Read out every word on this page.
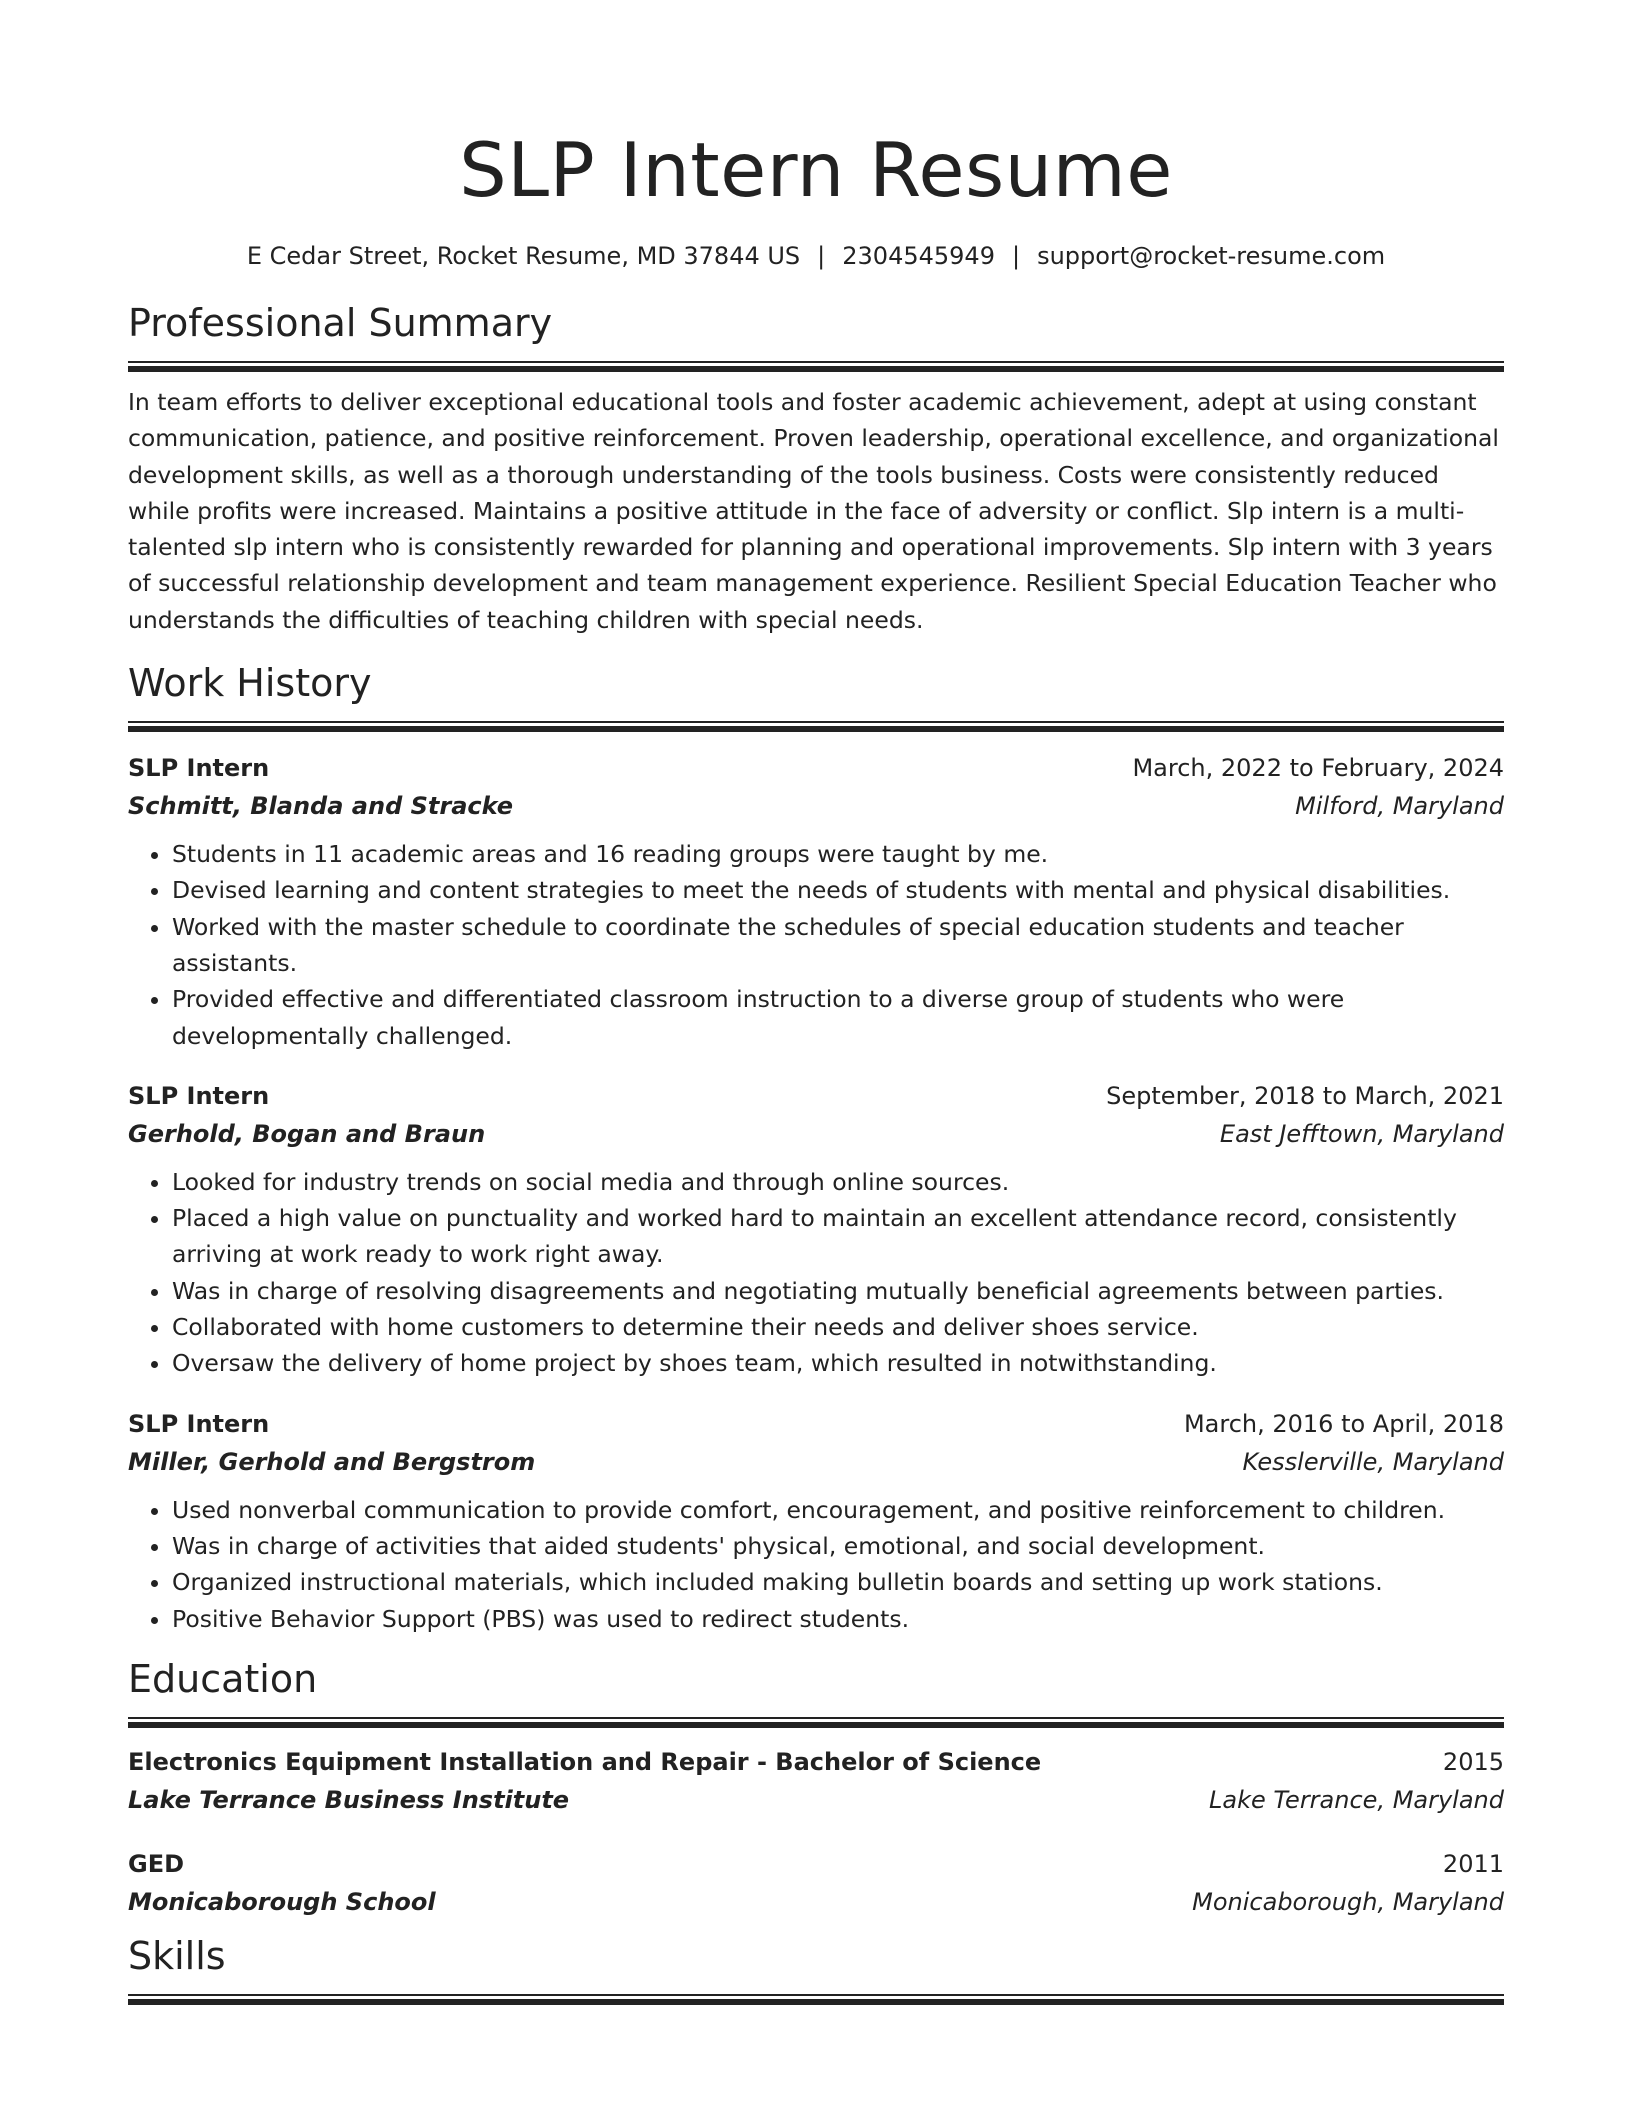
SLP Intern Resume
E Cedar Street, Rocket Resume, MD 37844 US | 2304545949 | support@rocket-resume.com
Professional Summary
In team efforts to deliver exceptional educational tools and foster academic achievement, adept at using constant communication, patience, and positive reinforcement. Proven leadership, operational excellence, and organizational development skills, as well as a thorough understanding of the tools business. Costs were consistently reduced while profits were increased. Maintains a positive attitude in the face of adversity or conflict. Slp intern is a multi-talented slp intern who is consistently rewarded for planning and operational improvements. Slp intern with 3 years of successful relationship development and team management experience. Resilient Special Education Teacher who understands the difficulties of teaching children with special needs.
Work History
SLP Intern	March, 2022 to February, 2024
Schmitt, Blanda and Stracke	Milford, Maryland
• Students in 11 academic areas and 16 reading groups were taught by me.
• Devised learning and content strategies to meet the needs of students with mental and physical disabilities.
• Worked with the master schedule to coordinate the schedules of special education students and teacher assistants.
• Provided effective and differentiated classroom instruction to a diverse group of students who were developmentally challenged.
SLP Intern	September, 2018 to March, 2021
Gerhold, Bogan and Braun	East Jefftown, Maryland
• Looked for industry trends on social media and through online sources.
• Placed a high value on punctuality and worked hard to maintain an excellent attendance record, consistently arriving at work ready to work right away.
• Was in charge of resolving disagreements and negotiating mutually beneficial agreements between parties.
• Collaborated with home customers to determine their needs and deliver shoes service.
• Oversaw the delivery of home project by shoes team, which resulted in notwithstanding.
SLP Intern	March, 2016 to April, 2018
Miller, Gerhold and Bergstrom	Kesslerville, Maryland
• Used nonverbal communication to provide comfort, encouragement, and positive reinforcement to children.
• Was in charge of activities that aided students' physical, emotional, and social development.
• Organized instructional materials, which included making bulletin boards and setting up work stations.
• Positive Behavior Support (PBS) was used to redirect students.
Education
Electronics Equipment Installation and Repair - Bachelor of Science	2015
Lake Terrance Business Institute	Lake Terrance, Maryland
GED	2011
Monicaborough School	Monicaborough, Maryland
Skills
